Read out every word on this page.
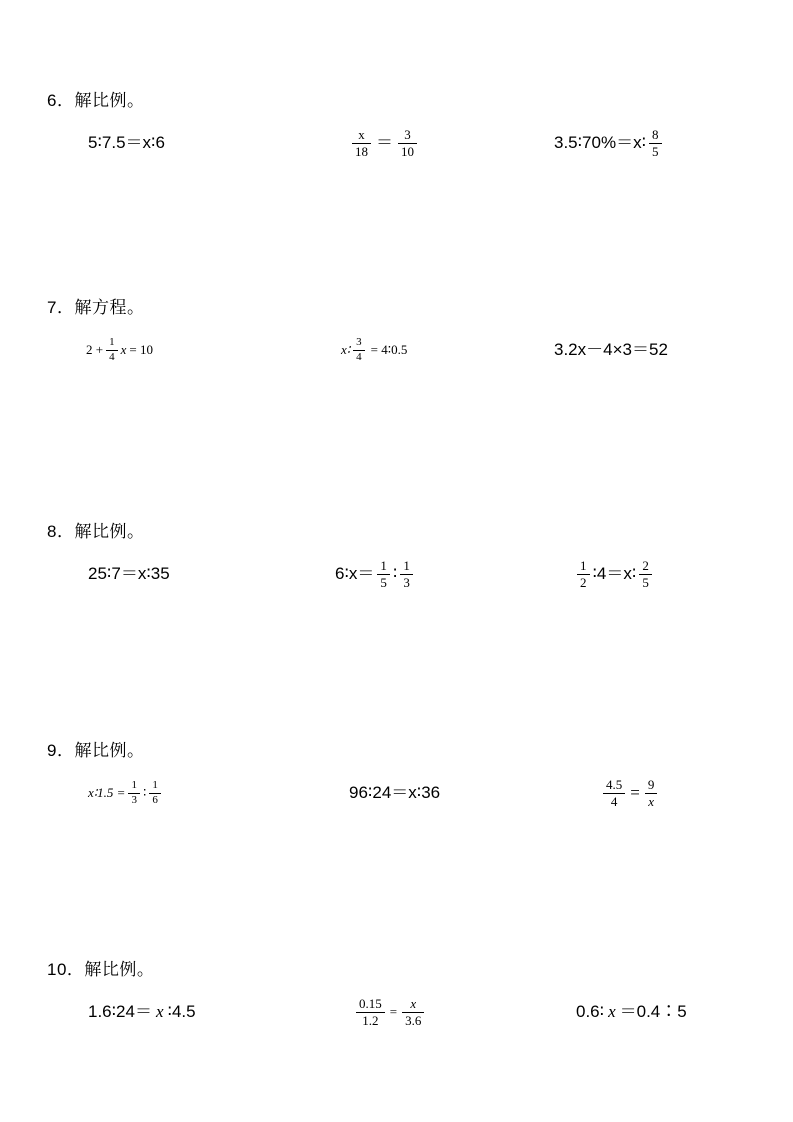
6．解比例。
5 ∶ 7.5 ＝ x ∶ 6	$\frac{x}{18} = \frac{3}{10}$	3.5∶70%＝x∶ $\frac{8}{5}$
7．解方程。
$2 + \frac{1}{4}$ x = 10	x∶ $\frac{3}{4}$ = 4∶0.5	3.2x － 4×3 ＝ 52
8．解比例。
25 ∶ 7 ＝ x ∶ 35	6∶x＝ $\frac{1}{5}$ ∶ $\frac{1}{3}$	$\frac{1}{2}$ ∶4＝x∶ $\frac{2}{5}$
9．解比例。
x∶1.5 = $\frac{1}{3}$ ∶ $\frac{1}{6}$	96 ∶ 24 ＝ x ∶ 36	$\frac{4.5}{4} = \frac{9}{x}$
10．解比例。
1.6∶24＝ x ∶4.5	$\frac{0.15}{1.2} = \frac{x}{3.6}$	0.6∶ x ＝0.4∶5
